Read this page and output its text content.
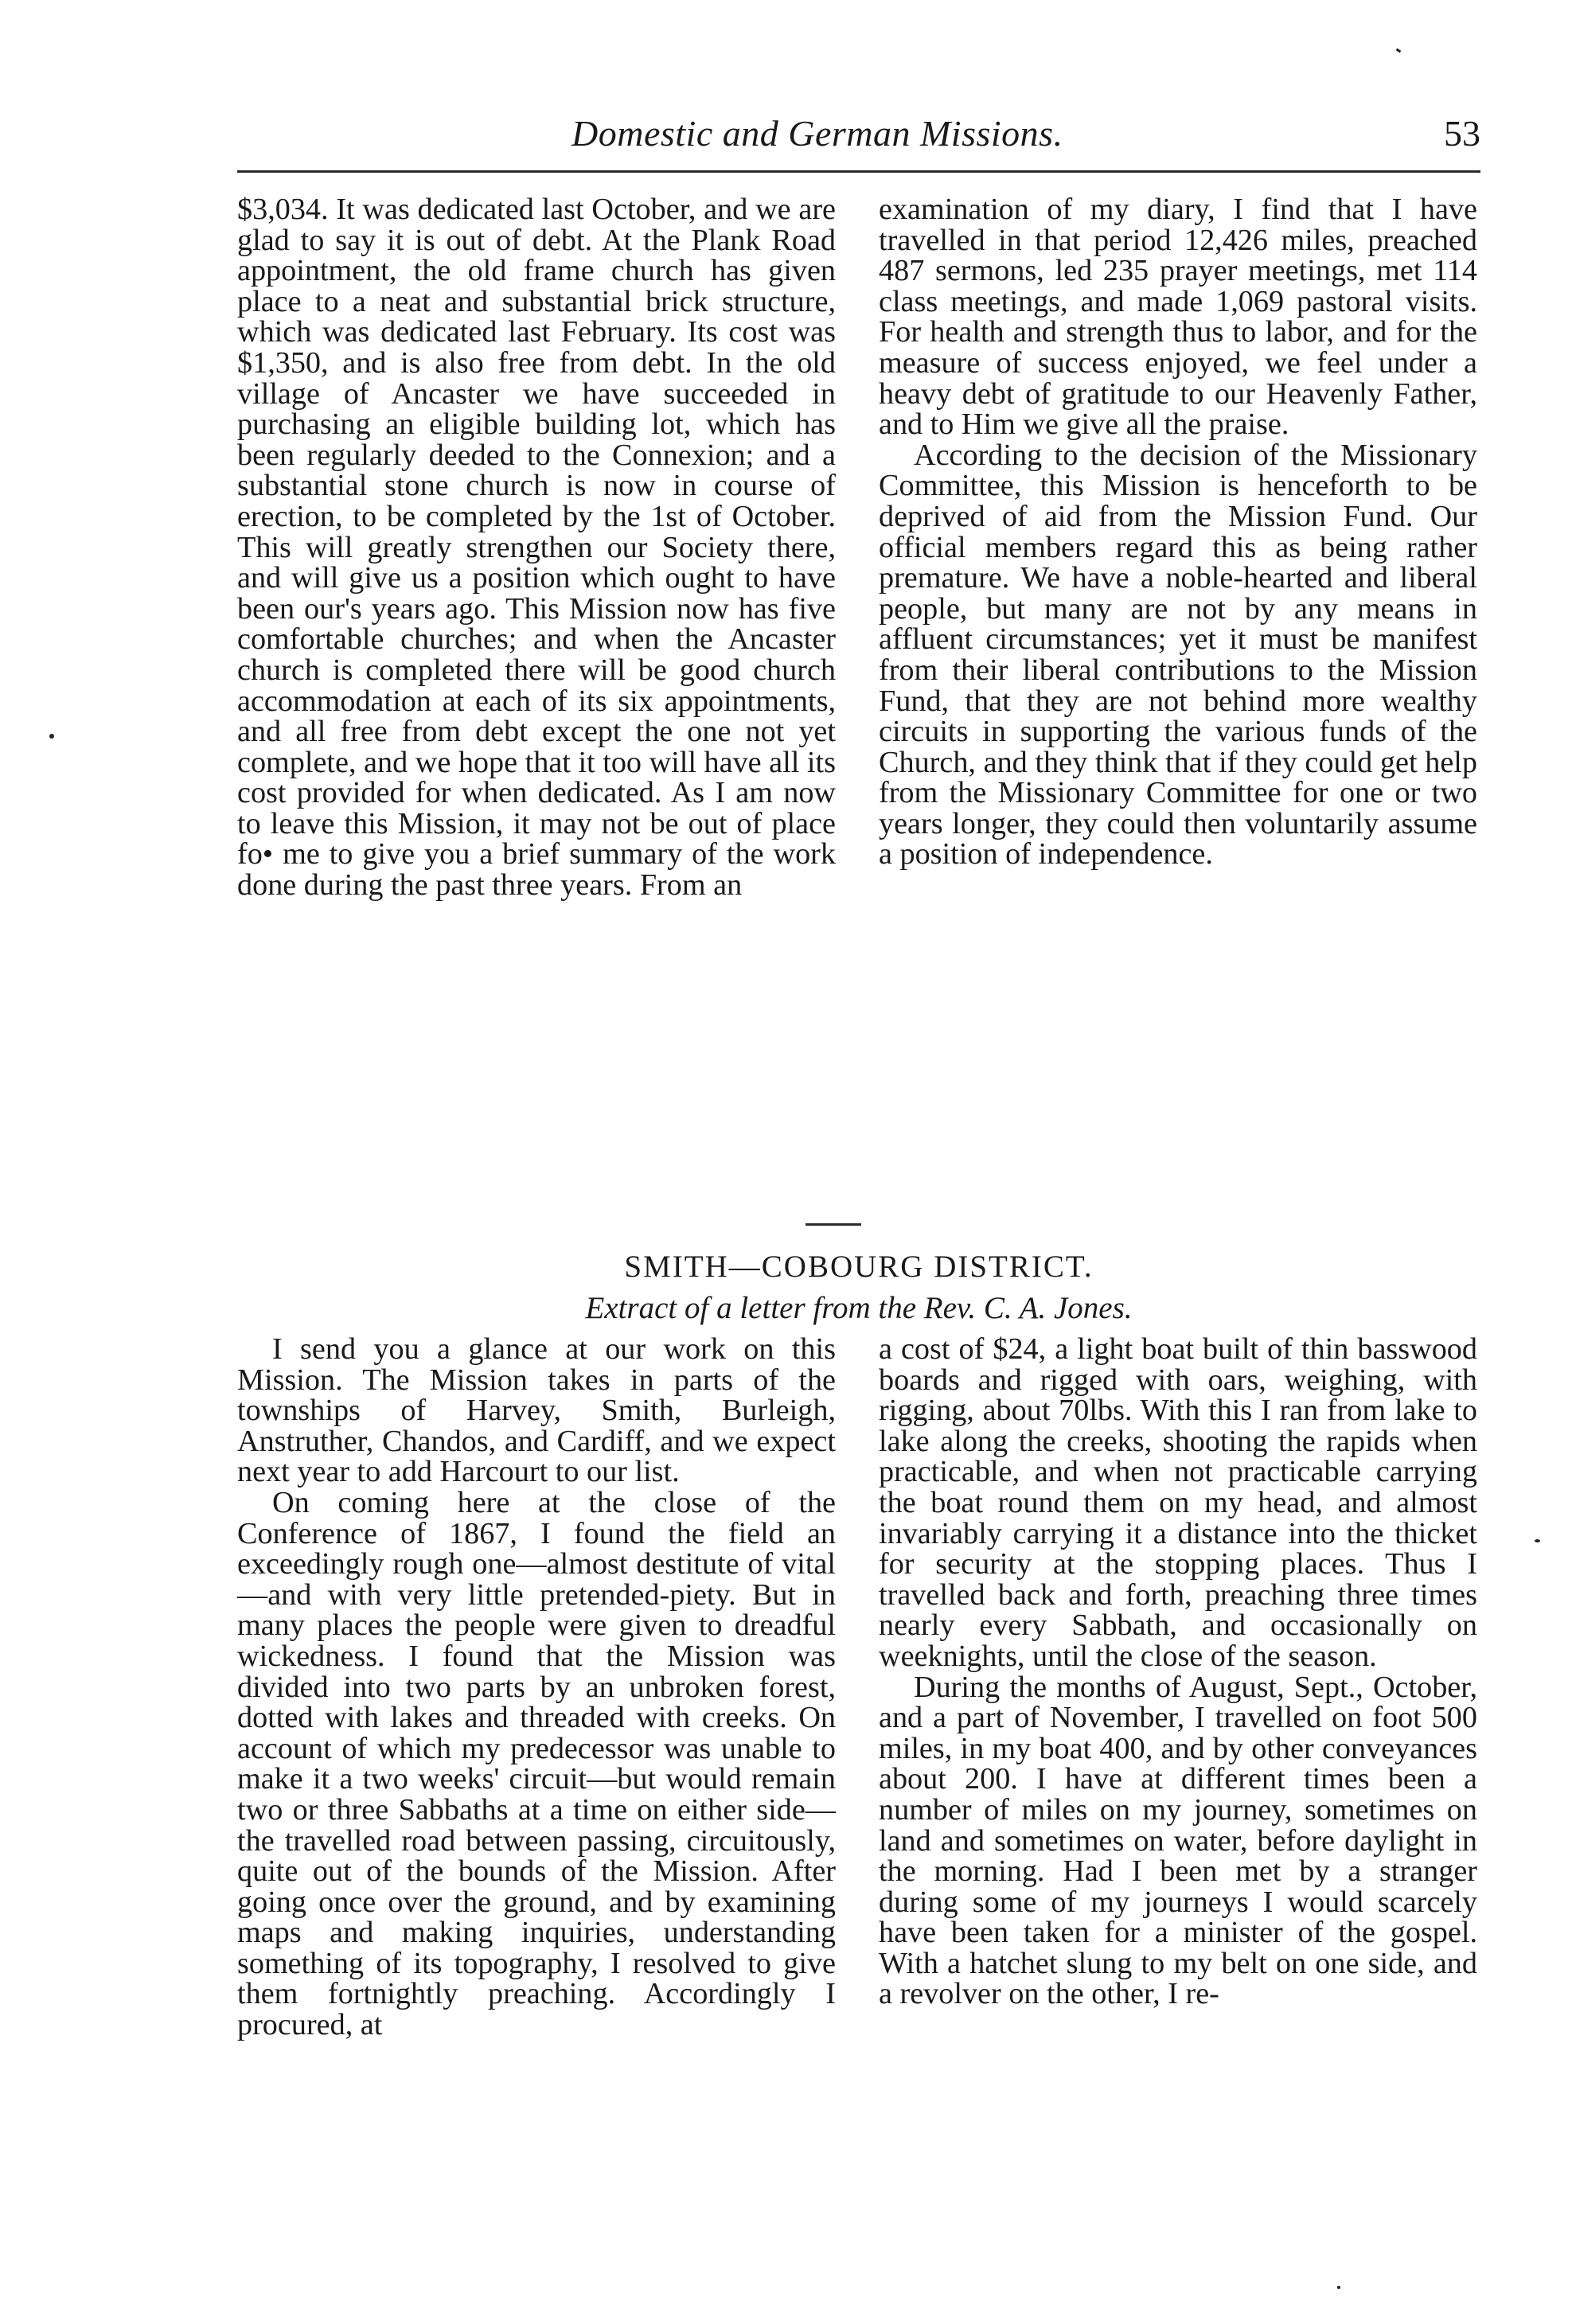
Domestic and German Missions.	53

$3,034. It was dedicated last October, and we are glad to say it is out of debt. At the Plank Road appointment, the old frame church has given place to a neat and substantial brick structure, which was dedicated last February. Its cost was $1,350, and is also free from debt. In the old village of Ancaster we have succeeded in purchasing an eligible building lot, which has been regularly deeded to the Connexion; and a substantial stone church is now in course of erection, to be completed by the 1st of October. This will greatly strengthen our Society there, and will give us a position which ought to have been our's years ago. This Mission now has five comfortable churches; and when the Ancaster church is completed there will be good church accommodation at each of its six appointments, and all free from debt except the one not yet complete, and we hope that it too will have all its cost provided for when dedicated. As I am now to leave this Mission, it may not be out of place fo• me to give you a brief summary of the work done during the past three years. From an

examination of my diary, I find that I have travelled in that period 12,426 miles, preached 487 sermons, led 235 prayer meetings, met 114 class meetings, and made 1,069 pastoral visits. For health and strength thus to labor, and for the measure of success enjoyed, we feel under a heavy debt of gratitude to our Heavenly Father, and to Him we give all the praise.

According to the decision of the Missionary Committee, this Mission is henceforth to be deprived of aid from the Mission Fund. Our official members regard this as being rather premature. We have a noble-hearted and liberal people, but many are not by any means in affluent circumstances; yet it must be manifest from their liberal contributions to the Mission Fund, that they are not behind more wealthy circuits in supporting the various funds of the Church, and they think that if they could get help from the Missionary Committee for one or two years longer, they could then voluntarily assume a position of independence.

SMITH—COBOURG DISTRICT.
Extract of a letter from the Rev. C. A. Jones.

I send you a glance at our work on this Mission. The Mission takes in parts of the townships of Harvey, Smith, Burleigh, Anstruther, Chandos, and Cardiff, and we expect next year to add Harcourt to our list.

On coming here at the close of the Conference of 1867, I found the field an exceedingly rough one—almost destitute of vital—and with very little pretended-piety. But in many places the people were given to dreadful wickedness. I found that the Mission was divided into two parts by an unbroken forest, dotted with lakes and threaded with creeks. On account of which my predecessor was unable to make it a two weeks' circuit—but would remain two or three Sabbaths at a time on either side—the travelled road between passing, circuitously, quite out of the bounds of the Mission. After going once over the ground, and by examining maps and making inquiries, understanding something of its topography, I resolved to give them fortnightly preaching. Accordingly I procured, at

a cost of $24, a light boat built of thin basswood boards and rigged with oars, weighing, with rigging, about 70lbs. With this I ran from lake to lake along the creeks, shooting the rapids when practicable, and when not practicable carrying the boat round them on my head, and almost invariably carrying it a distance into the thicket for security at the stopping places. Thus I travelled back and forth, preaching three times nearly every Sabbath, and occasionally on weeknights, until the close of the season.

During the months of August, Sept., October, and a part of November, I travelled on foot 500 miles, in my boat 400, and by other conveyances about 200. I have at different times been a number of miles on my journey, sometimes on land and sometimes on water, before daylight in the morning. Had I been met by a stranger during some of my journeys I would scarcely have been taken for a minister of the gospel. With a hatchet slung to my belt on one side, and a revolver on the other, I re-
